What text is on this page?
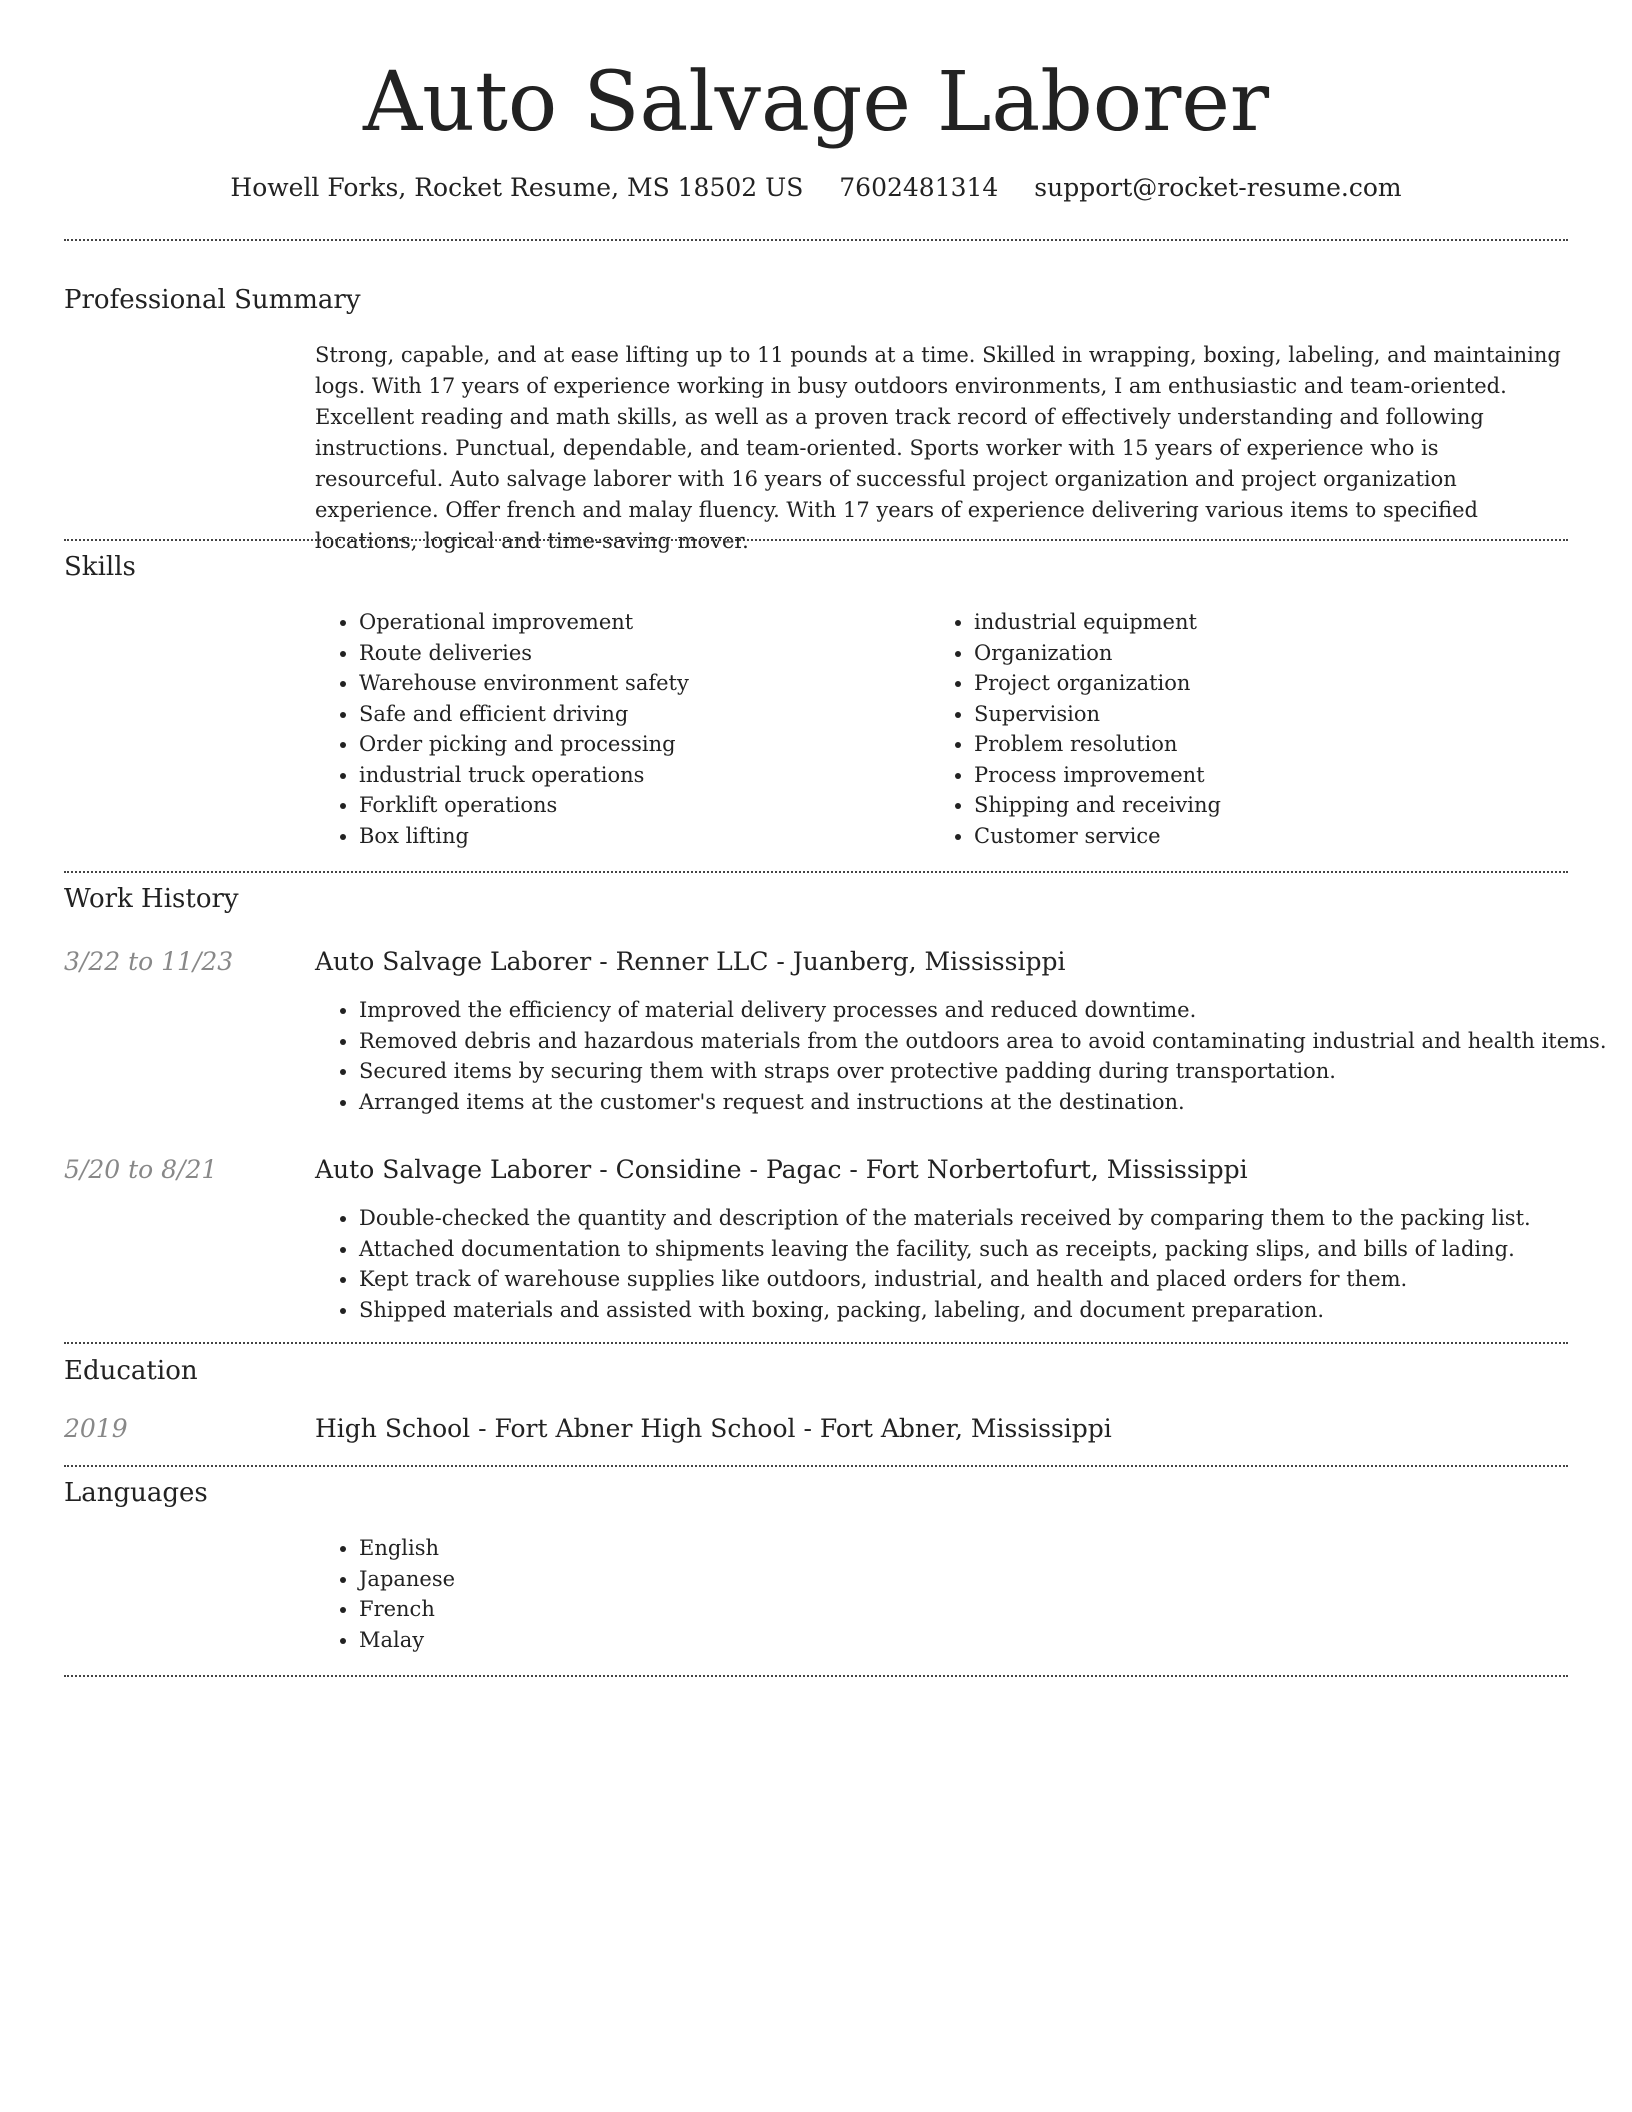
Auto Salvage Laborer
Howell Forks, Rocket Resume, MS 18502 US 7602481314 support@rocket-resume.com
Professional Summary

Strong, capable, and at ease lifting up to 11 pounds at a time. Skilled in wrapping, boxing, labeling, and maintaining logs. With 17 years of experience working in busy outdoors environments, I am enthusiastic and team-oriented. Excellent reading and math skills, as well as a proven track record of effectively understanding and following instructions. Punctual, dependable, and team-oriented. Sports worker with 15 years of experience who is resourceful. Auto salvage laborer with 16 years of successful project organization and project organization experience. Offer french and malay fluency. With 17 years of experience delivering various items to specified locations, logical and time-saving mover.

Skills
• Operational improvement
• Route deliveries
• Warehouse environment safety
• Safe and efficient driving
• Order picking and processing
• industrial truck operations
• Forklift operations
• Box lifting
• industrial equipment
• Organization
• Project organization
• Supervision
• Problem resolution
• Process improvement
• Shipping and receiving
• Customer service
Work History
3/22 to 11/23	Auto Salvage Laborer - Renner LLC - Juanberg, Mississippi
• Improved the efficiency of material delivery processes and reduced downtime.
• Removed debris and hazardous materials from the outdoors area to avoid contaminating industrial and health items.
• Secured items by securing them with straps over protective padding during transportation.
• Arranged items at the customer's request and instructions at the destination.
5/20 to 8/21	Auto Salvage Laborer - Considine - Pagac - Fort Norbertofurt, Mississippi
• Double-checked the quantity and description of the materials received by comparing them to the packing list.
• Attached documentation to shipments leaving the facility, such as receipts, packing slips, and bills of lading.
• Kept track of warehouse supplies like outdoors, industrial, and health and placed orders for them.
• Shipped materials and assisted with boxing, packing, labeling, and document preparation.
Education
2019	High School - Fort Abner High School - Fort Abner, Mississippi
Languages
• English
• Japanese
• French
• Malay
